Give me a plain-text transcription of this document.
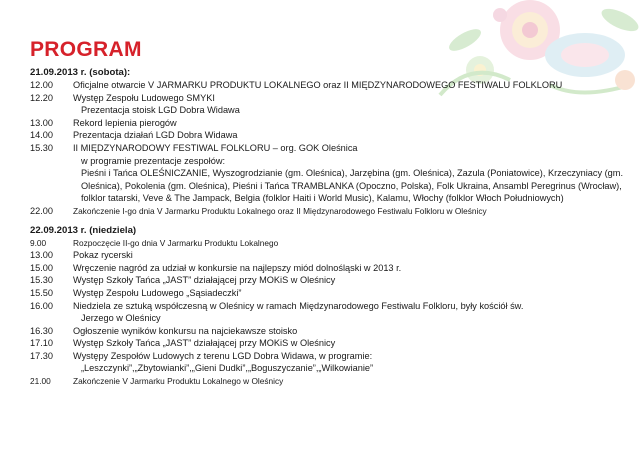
PROGRAM

21.09.2013 r. (sobota):

12.00	Oficjalne otwarcie V JARMARKU PRODUKTU LOKALNEGO oraz II MIĘDZYNARODOWEGO FESTIWALU FOLKLORU
12.20	Występ Zespołu Ludowego SMYKI
Prezentacja stoisk LGD Dobra Widawa
13.00	Rekord lepienia pierogów
14.00	Prezentacja działań LGD Dobra Widawa
15.30	II MIĘDZYNARODOWY FESTIWAL FOLKLORU – org. GOK Oleśnica
w programie prezentacje zespołów:
Pieśni i Tańca OLEŚNICZANIE, Wyszogrodzianie (gm. Oleśnica), Jarzębina (gm. Oleśnica), Zazula (Poniatowice), Krzeczyniacy (gm. Oleśnica), Pokolenia (gm. Oleśnica), Pieśni i Tańca TRAMBLANKA (Opoczno, Polska), Folk Ukraina, Ansambl Peregrinus (Wrocław), folklor tatarski, Veve & The Jampack, Belgia (folklor Haiti i World Music), Kalamu, Włochy (folklor Włoch Południowych)
22.00	Zakończenie I-go dnia V Jarmarku Produktu Lokalnego oraz II Międzynarodowego Festiwalu Folkloru w Oleśnicy

22.09.2013 r. (niedziela)

9.00	Rozpoczęcie II-go dnia V Jarmarku Produktu Lokalnego
13.00	Pokaz rycerski
15.00	Wręczenie nagród za udział w konkursie na najlepszy miód dolnośląski w 2013 r.
15.30	Występ Szkoły Tańca „JAST” działającej przy MOKiS w Oleśnicy
15.50	Występ Zespołu Ludowego „Sąsiadeczki”
16.00	Niedziela ze sztuką współczesną w Oleśnicy w ramach Międzynarodowego Festiwalu Folkloru, były kościół św.
Jerzego w Oleśnicy
16.30	Ogłoszenie wyników konkursu na najciekawsze stoisko
17.10	Występ Szkoły Tańca „JAST” działającej przy MOKiS w Oleśnicy
17.30	Występy Zespołów Ludowych z terenu LGD Dobra Widawa, w programie:
„Leszczynki”,„Zbytowianki”,„Gieni Dudki”,„Boguszyczanie”,„Wilkowianie”
21.00	Zakończenie V Jarmarku Produktu Lokalnego w Oleśnicy
